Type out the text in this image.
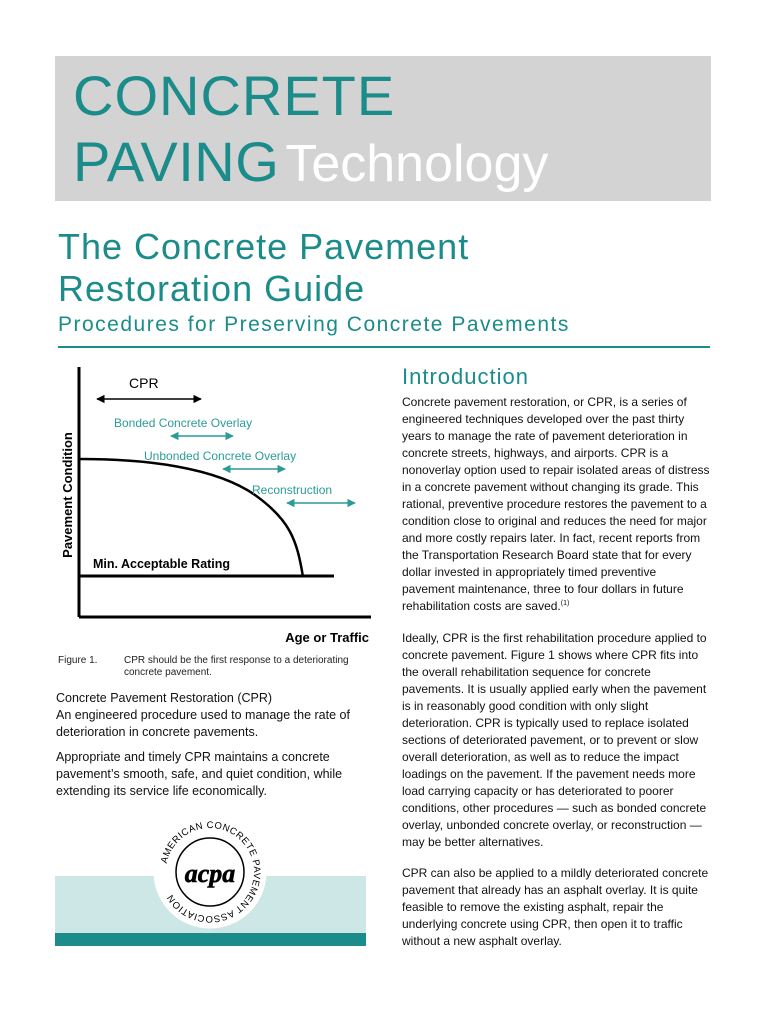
CONCRETE
PAVING Technology
The Concrete Pavement
Restoration Guide
Procedures for Preserving Concrete Pavements
Pavement Condition
Age or Traffic
Min. Acceptable Rating
CPR
Bonded Concrete Overlay
Unbonded Concrete Overlay
Reconstruction
Figure 1.	CPR should be the first response to a deteriorating concrete pavement.
Concrete Pavement Restoration (CPR)
An engineered procedure used to manage the rate of deterioration in concrete pavements.
Appropriate and timely CPR maintains a concrete pavement’s smooth, safe, and quiet condition, while extending its service life economically.
AMERICAN CONCRETE PAVEMENT ASSOCIATION
acpa
Introduction
Concrete pavement restoration, or CPR, is a series of engineered techniques developed over the past thirty years to manage the rate of pavement deterioration in concrete streets, highways, and airports. CPR is a nonoverlay option used to repair isolated areas of distress in a concrete pavement without changing its grade. This rational, preventive procedure restores the pavement to a condition close to original and reduces the need for major and more costly repairs later. In fact, recent reports from the Transportation Research Board state that for every dollar invested in appropriately timed preventive pavement maintenance, three to four dollars in future rehabilitation costs are saved.$^{(1)}$
Ideally, CPR is the first rehabilitation procedure applied to concrete pavement. Figure 1 shows where CPR fits into the overall rehabilitation sequence for concrete pavements. It is usually applied early when the pavement is in reasonably good condition with only slight deterioration. CPR is typically used to replace isolated sections of deteriorated pavement, or to prevent or slow overall deterioration, as well as to reduce the impact loadings on the pavement. If the pavement needs more load carrying capacity or has deteriorated to poorer conditions, other procedures — such as bonded concrete overlay, unbonded concrete overlay, or reconstruction — may be better alternatives.
CPR can also be applied to a mildly deteriorated concrete pavement that already has an asphalt overlay. It is quite feasible to remove the existing asphalt, repair the underlying concrete using CPR, then open it to traffic without a new asphalt overlay.
